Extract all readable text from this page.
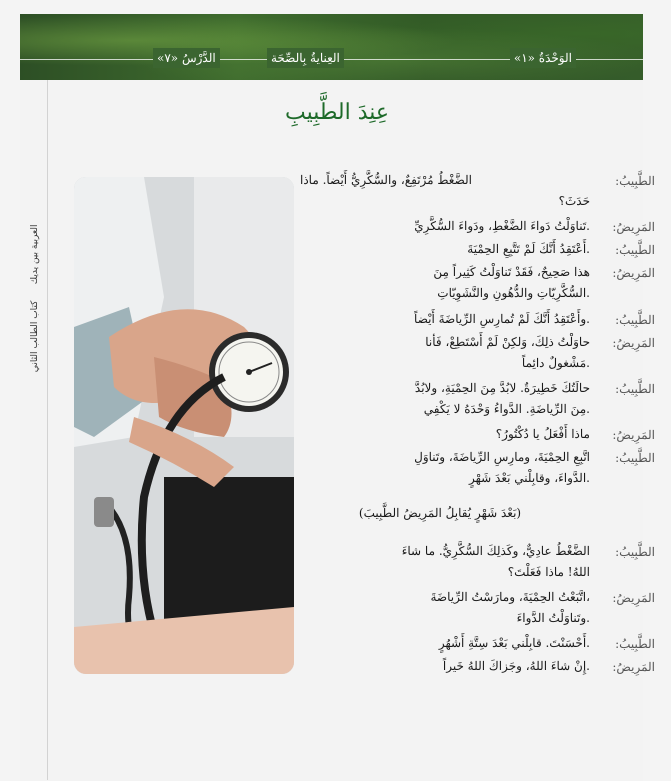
الوَحْدَةُ «١»
العِنايةُ بِالصِّحَة
الدَّرْسُ «٧»
عِنِدَ الطَّبِيبِ
العربية بين يديك كتاب الطالب الثاني
الطَّبِيبُ:
الضَّغْطُ مُرْتَفِعٌ، والسُّكَّرِيُّ أَيْضاً. ماذا
حَدَثَ؟
المَرِيضُ:
تَناوَلْتُ دَواءَ الضَّغْطِ، ودَواءَ السُّكَّرِيِّ.
الطَّبِيبُ:
أَعْتَقِدُ أَنَّكَ لَمْ تَتَّبِعِ الحِمْيَةَ.
المَرِيضُ:
هذا صَحِيحٌ، فَقَدْ تَناوَلْتُ كَثِيراً مِنَ
السُّكَّرِيّاتِ والدُّهُونِ والنَّشَوِيّاتِ.
الطَّبِيبُ:
وأَعْتَقِدُ أَنَّكَ لَمْ تُمارِسِ الرِّياضَةَ أَيْضاً.
المَرِيضُ:
حاوَلْتُ ذلِكَ، وَلكِنْ لَمْ أَسْتَطِعْ، فَأنا
مَشْغولٌ دائِماً.
الطَّبِيبُ:
حالَتُكَ خَطِيرَةٌ. لابُدَّ مِنَ الحِمْيَةِ، ولابُدَّ
مِنَ الرِّياضَةِ. الدَّواءُ وَحْدَهُ لا يَكْفِي.
المَرِيضُ:
ماذا أَفْعَلُ يا دُكْتُورُ؟
الطَّبِيبُ:
اتَّبِعِ الحِمْيَةَ، ومارِسِ الرِّياضَةَ، وتَناوَلِ
الدَّواءَ، وقابِلْني بَعْدَ شَهْرٍ.
(بَعْدَ شَهْرٍ يُقابِلُ المَرِيضُ الطَّبِيبَ)
الطَّبِيبُ:
الضَّغْطُ عادِيٌّ، وكَذلِكَ السُّكَّرِيُّ. ما شاءَ
اللهُ! ماذا فَعَلْتَ؟
المَرِيضُ:
اتَّبَعْتُ الحِمْيَةَ، ومارَسْتُ الرِّياضَةَ،
وتَناوَلْتُ الدَّواءَ.
الطَّبِيبُ:
أَحْسَنْتَ. قابِلْني بَعْدَ سِتَّةِ أَشْهُرٍ.
المَرِيضُ:
إِنْ شاءَ اللهُ، وجَزاكَ اللهُ خَيراً.
